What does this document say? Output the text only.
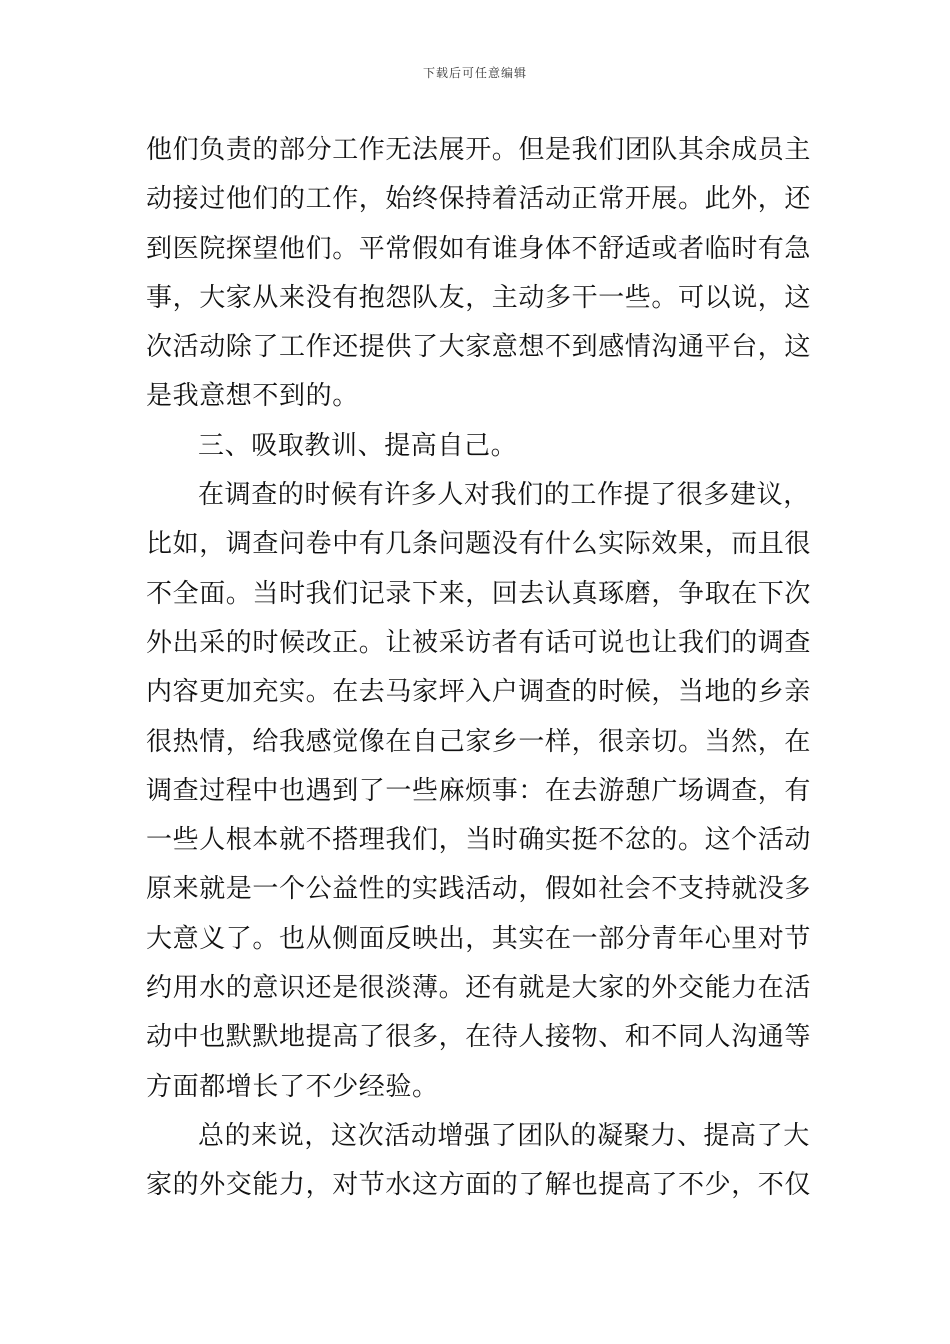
下载后可任意编辑
他们负责的部分工作无法展开。但是我们团队其余成员主
动接过他们的工作，始终保持着活动正常开展。此外，还
到医院探望他们。平常假如有谁身体不舒适或者临时有急
事，大家从来没有抱怨队友，主动多干一些。可以说，这
次活动除了工作还提供了大家意想不到感情沟通平台，这
是我意想不到的。
三、吸取教训、提高自己。
在调查的时候有许多人对我们的工作提了很多建议，
比如，调查问卷中有几条问题没有什么实际效果，而且很
不全面。当时我们记录下来，回去认真琢磨，争取在下次
外出采的时候改正。让被采访者有话可说也让我们的调查
内容更加充实。在去马家坪入户调查的时候，当地的乡亲
很热情，给我感觉像在自己家乡一样，很亲切。当然，在
调查过程中也遇到了一些麻烦事：在去游憩广场调查，有
一些人根本就不搭理我们，当时确实挺不忿的。这个活动
原来就是一个公益性的实践活动，假如社会不支持就没多
大意义了。也从侧面反映出，其实在一部分青年心里对节
约用水的意识还是很淡薄。还有就是大家的外交能力在活
动中也默默地提高了很多，在待人接物、和不同人沟通等
方面都增长了不少经验。
总的来说，这次活动增强了团队的凝聚力、提高了大
家的外交能力，对节水这方面的了解也提高了不少，不仅
